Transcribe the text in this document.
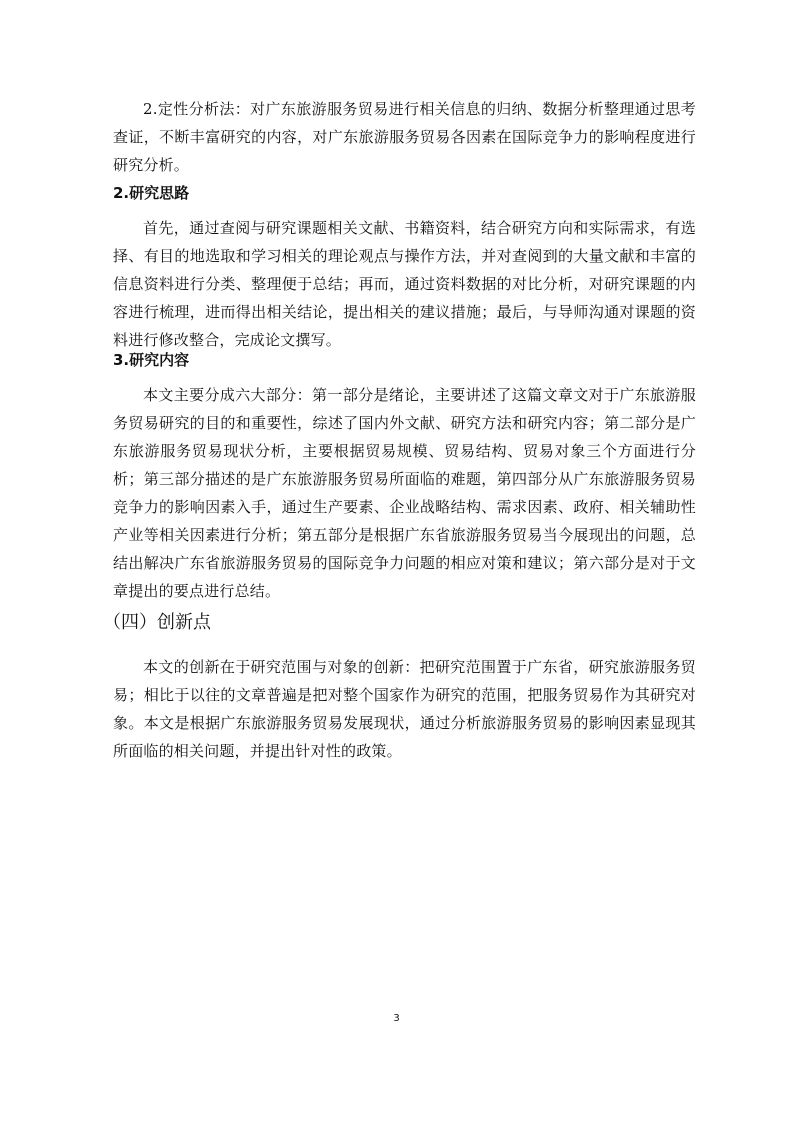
2.定性分析法：对广东旅游服务贸易进行相关信息的归纳、数据分析整理通过思考查证，不断丰富研究的内容，对广东旅游服务贸易各因素在国际竞争力的影响程度进行研究分析。

2.研究思路

首先，通过查阅与研究课题相关文献、书籍资料，结合研究方向和实际需求，有选择、有目的地选取和学习相关的理论观点与操作方法，并对查阅到的大量文献和丰富的信息资料进行分类、整理便于总结；再而，通过资料数据的对比分析，对研究课题的内容进行梳理，进而得出相关结论，提出相关的建议措施；最后，与导师沟通对课题的资料进行修改整合，完成论文撰写。

3.研究内容

本文主要分成六大部分：第一部分是绪论，主要讲述了这篇文章文对于广东旅游服务贸易研究的目的和重要性，综述了国内外文献、研究方法和研究内容；第二部分是广东旅游服务贸易现状分析，主要根据贸易规模、贸易结构、贸易对象三个方面进行分析；第三部分描述的是广东旅游服务贸易所面临的难题，第四部分从广东旅游服务贸易竞争力的影响因素入手，通过生产要素、企业战略结构、需求因素、政府、相关辅助性产业等相关因素进行分析；第五部分是根据广东省旅游服务贸易当今展现出的问题，总结出解决广东省旅游服务贸易的国际竞争力问题的相应对策和建议；第六部分是对于文章提出的要点进行总结。

（四）创新点

本文的创新在于研究范围与对象的创新：把研究范围置于广东省，研究旅游服务贸易；相比于以往的文章普遍是把对整个国家作为研究的范围，把服务贸易作为其研究对象。本文是根据广东旅游服务贸易发展现状，通过分析旅游服务贸易的影响因素显现其所面临的相关问题，并提出针对性的政策。

3
